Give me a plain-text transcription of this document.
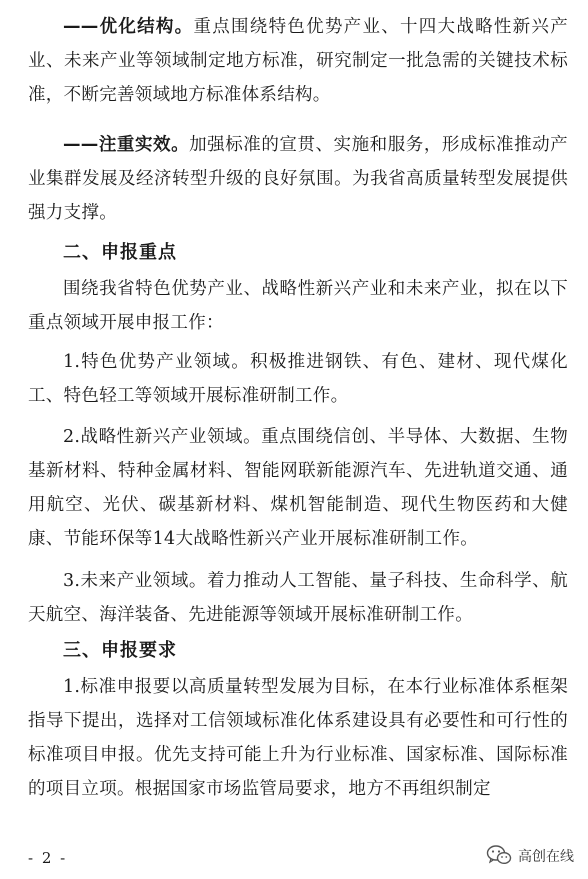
——优化结构。重点围绕特色优势产业、十四大战略性新兴产业、未来产业等领域制定地方标准，研究制定一批急需的关键技术标准，不断完善领域地方标准体系结构。

——注重实效。加强标准的宣贯、实施和服务，形成标准推动产业集群发展及经济转型升级的良好氛围。为我省高质量转型发展提供强力支撑。

二、申报重点

围绕我省特色优势产业、战略性新兴产业和未来产业，拟在以下重点领域开展申报工作：

1.特色优势产业领域。积极推进钢铁、有色、建材、现代煤化工、特色轻工等领域开展标准研制工作。

2.战略性新兴产业领域。重点围绕信创、半导体、大数据、生物基新材料、特种金属材料、智能网联新能源汽车、先进轨道交通、通用航空、光伏、碳基新材料、煤机智能制造、现代生物医药和大健康、节能环保等14大战略性新兴产业开展标准研制工作。

3.未来产业领域。着力推动人工智能、量子科技、生命科学、航天航空、海洋装备、先进能源等领域开展标准研制工作。

三、申报要求

1.标准申报要以高质量转型发展为目标，在本行业标准体系框架指导下提出，选择对工信领域标准化体系建设具有必要性和可行性的标准项目申报。优先支持可能上升为行业标准、国家标准、国际标准的项目立项。根据国家市场监管局要求，地方不再组织制定

- 2 -	高创在线
